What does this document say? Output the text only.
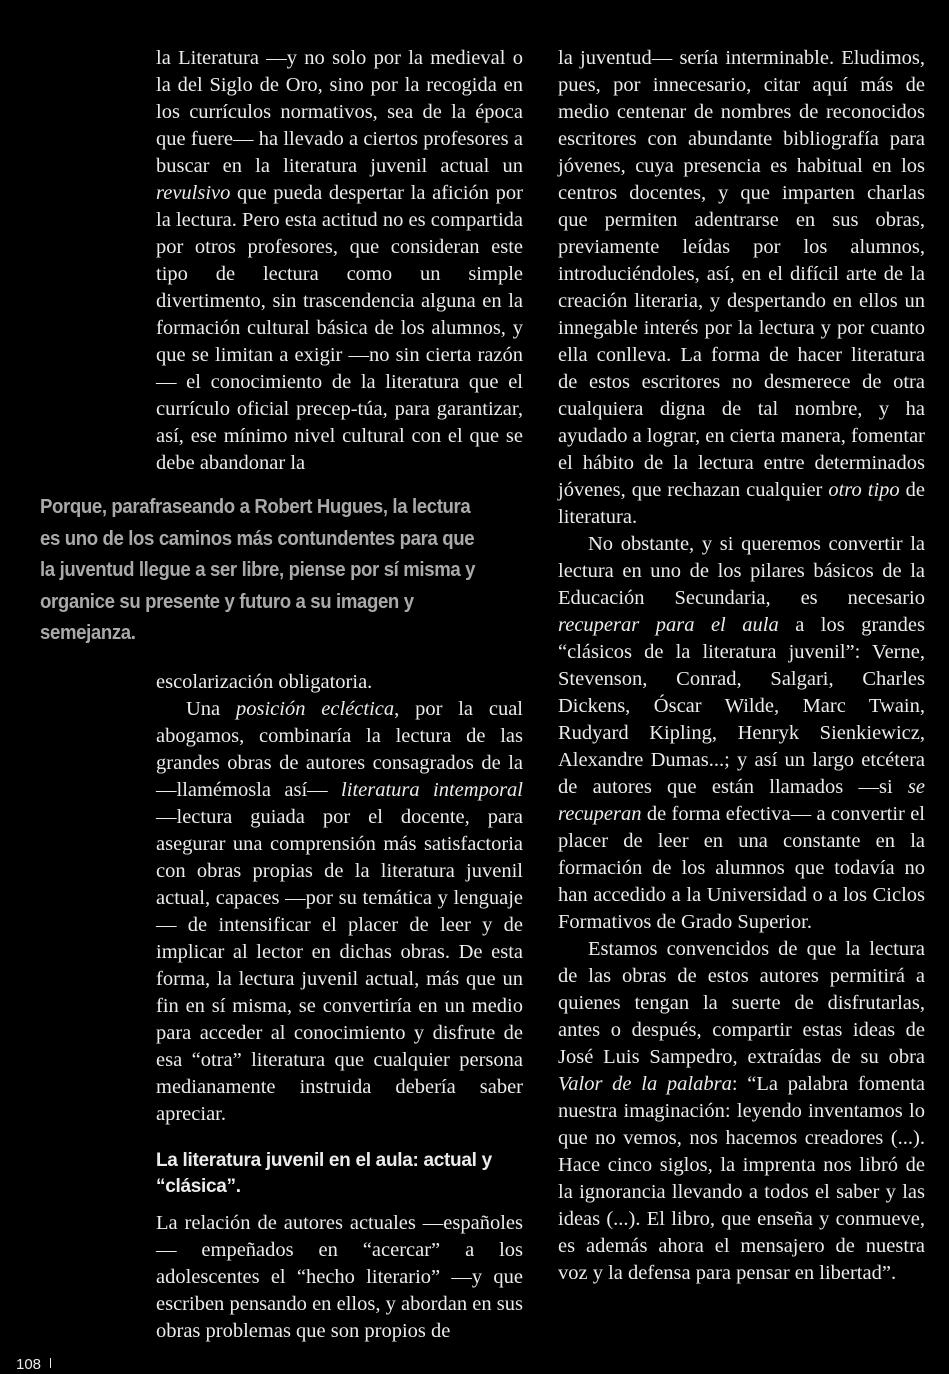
la Literatura —y no solo por la medieval o la del Siglo de Oro, sino por la recogida en los currículos normativos, sea de la época que fuere— ha llevado a ciertos profesores a buscar en la literatura juvenil actual un revulsivo que pueda despertar la afición por la lectura. Pero esta actitud no es compartida por otros profesores, que consideran este tipo de lectura como un simple divertimento, sin trascendencia alguna en la formación cultural básica de los alumnos, y que se limitan a exigir —no sin cierta razón— el conocimiento de la literatura que el currículo oficial precep-túa, para garantizar, así, ese mínimo nivel cultural con el que se debe abandonar la

Porque, parafraseando a Robert Hugues, la lectura es uno de los caminos más contundentes para que la juventud llegue a ser libre, piense por sí misma y organice su presente y futuro a su imagen y semejanza.

escolarización obligatoria.

Una posición ecléctica, por la cual abogamos, combinaría la lectura de las grandes obras de autores consagrados de la —llamémosla así— literatura intemporal —lectura guiada por el docente, para asegurar una comprensión más satisfactoria con obras propias de la literatura juvenil actual, capaces —por su temática y lenguaje— de intensificar el placer de leer y de implicar al lector en dichas obras. De esta forma, la lectura juvenil actual, más que un fin en sí misma, se convertiría en un medio para acceder al conocimiento y disfrute de esa “otra” literatura que cualquier persona medianamente instruida debería saber apreciar.

La literatura juvenil en el aula: actual y “clásica”.

La relación de autores actuales —españoles— empeñados en “acercar” a los adolescentes el “hecho literario” —y que escriben pensando en ellos, y abordan en sus obras problemas que son propios de

la juventud— sería interminable. Eludimos, pues, por innecesario, citar aquí más de medio centenar de nombres de reconocidos escritores con abundante bibliografía para jóvenes, cuya presencia es habitual en los centros docentes, y que imparten charlas que permiten adentrarse en sus obras, previamente leídas por los alumnos, introduciéndoles, así, en el difícil arte de la creación literaria, y despertando en ellos un innegable interés por la lectura y por cuanto ella conlleva. La forma de hacer literatura de estos escritores no desmerece de otra cualquiera digna de tal nombre, y ha ayudado a lograr, en cierta manera, fomentar el hábito de la lectura entre determinados jóvenes, que rechazan cualquier otro tipo de literatura.

No obstante, y si queremos convertir la lectura en uno de los pilares básicos de la Educación Secundaria, es necesario recuperar para el aula a los grandes “clásicos de la literatura juvenil”: Verne, Stevenson, Conrad, Salgari, Charles Dickens, Óscar Wilde, Marc Twain, Rudyard Kipling, Henryk Sienkiewicz, Alexandre Dumas...; y así un largo etcétera de autores que están llamados —si se recuperan de forma efectiva— a convertir el placer de leer en una constante en la formación de los alumnos que todavía no han accedido a la Universidad o a los Ciclos Formativos de Grado Superior.

Estamos convencidos de que la lectura de las obras de estos autores permitirá a quienes tengan la suerte de disfrutarlas, antes o después, compartir estas ideas de José Luis Sampedro, extraídas de su obra Valor de la palabra: “La palabra fomenta nuestra imaginación: leyendo inventamos lo que no vemos, nos hacemos creadores (...). Hace cinco siglos, la imprenta nos libró de la ignorancia llevando a todos el saber y las ideas (...). El libro, que enseña y conmueve, es además ahora el mensajero de nuestra voz y la defensa para pensar en libertad”.

108
